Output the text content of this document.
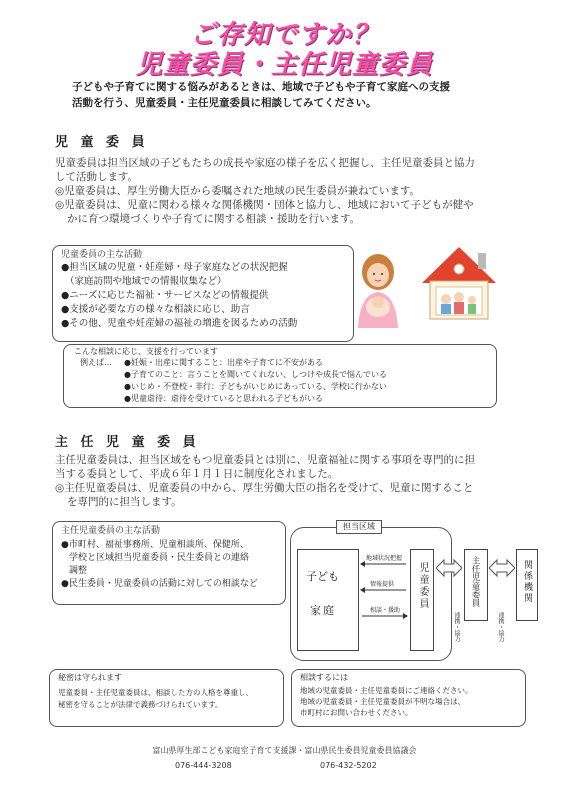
ご存知ですか？
児童委員・主任児童委員
子どもや子育てに関する悩みがあるときは、地域で子どもや子育て家庭への支援
活動を行う、児童委員・主任児童委員に相談してみてください。
児 童 委 員
児童委員は担当区域の子どもたちの成長や家庭の様子を広く把握し、主任児童委員と協力
して活動します。
◎児童委員は、厚生労働大臣から委嘱された地域の民生委員が兼ねています。
◎児童委員は、児童に関わる様々な関係機関・団体と協力し、地域において子どもが健や
かに育つ環境づくりや子育てに関する相談・援助を行います。
児童委員の主な活動
●担当区域の児童・妊産婦・母子家庭などの状況把握
（家庭訪問や地域での情報収集など）
●ニーズに応じた福祉・サービスなどの情報提供
●支援が必要な方の様々な相談に応じ、助言
●その他、児童や妊産婦の福祉の増進を図るための活動
こんな相談に応じ、支援を行っています
例えば… ●妊娠・出産に関すること：出産や子育てに不安がある
●子育てのこと：言うことを聞いてくれない、しつけや成長で悩んでいる
●いじめ・不登校・非行：子どもがいじめにあっている、学校に行かない
●児童虐待：虐待を受けていると思われる子どもがいる
主 任 児 童 委 員
主任児童委員は、担当区域をもつ児童委員とは別に、児童福祉に関する事項を専門的に担
当する委員として、平成６年１月１日に制度化されました。
◎主任児童委員は、児童委員の中から、厚生労働大臣の指名を受けて、児童に関すること
を専門的に担当します。
主任児童委員の主な活動
●市町村、福祉事務所、児童相談所、保健所、
学校と区域担当児童委員・民生委員との連絡
調整
●民生委員・児童委員の活動に対しての相談など
担当区域
子ども
家庭
地域状況把握
情報提供
相談・援助
児童委員	主任児童委員	関係機関
連携・協力	連携・協力
秘密は守られます
児童委員・主任児童委員は、相談した方の人格を尊重し、
秘密を守ることが法律で義務づけられています。
相談するには
地域の児童委員・主任児童委員にご連絡ください。
地域の児童委員・主任児童委員が不明な場合は、
市町村にお問い合わせください。
富山県厚生部こども家庭室子育て支援課・富山県民生委員児童委員協議会
076-444-3208	076-432-5202
